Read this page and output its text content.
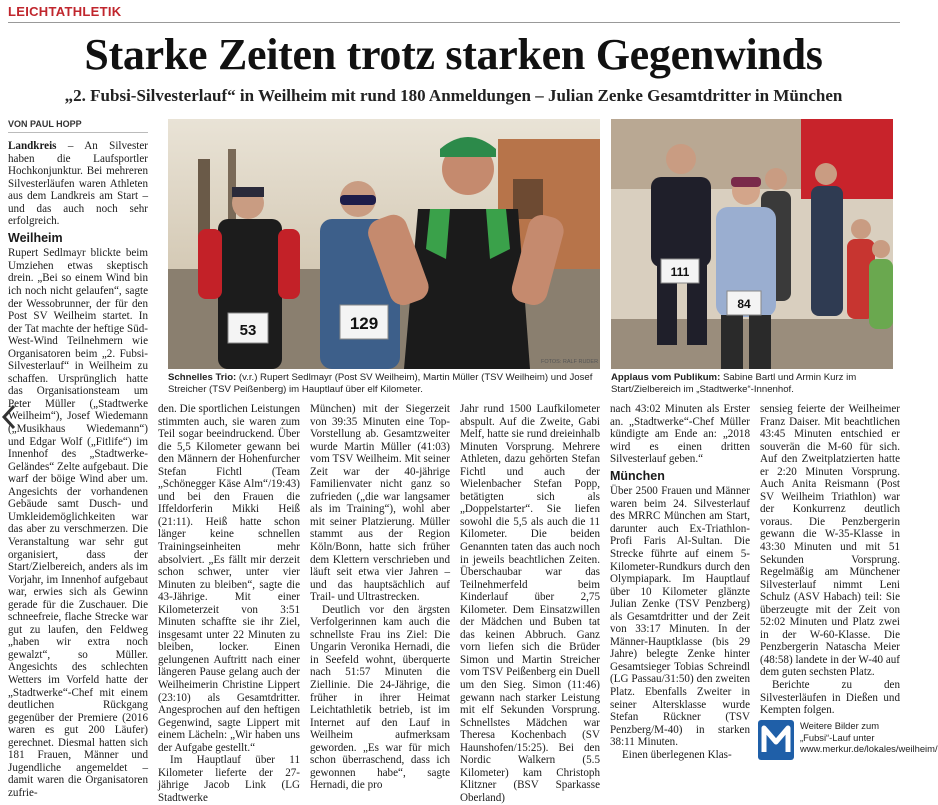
LEICHTATHLETIK
Starke Zeiten trotz starken Gegenwinds
„2. Fubsi-Silvesterlauf“ in Weilheim mit rund 180 Anmeldungen – Julian Zenke Gesamtdritter in München
VON PAUL HOPP

Landkreis – An Silvester haben die Laufsportler Hochkonjunktur. Bei mehreren Silvesterläufen waren Athleten aus dem Landkreis am Start – und das auch noch sehr erfolgreich.

Weilheim

Rupert Sedlmayr blickte beim Umziehen etwas skeptisch drein. „Bei so einem Wind bin ich noch nicht gelaufen“, sagte der Wessobrunner, der für den Post SV Weilheim startet. In der Tat machte der heftige Süd-West-Wind Teilnehmern wie Organisatoren beim „2. Fubsi-Silvesterlauf“ in Weilheim zu schaffen. Ursprünglich hatte das Organisationsteam um Peter Müller („Stadtwerke Weilheim“), Josef Wiedemann („Musikhaus Wiedemann“) und Edgar Wolf („Fitlife“) im Innenhof des „Stadtwerke-Geländes“ Zelte aufgebaut. Die warf der böige Wind aber um. Angesichts der vorhandenen Gebäude samt Dusch- und Umkleidemöglichkeiten war das aber zu verschmerzen. Die Veranstaltung war sehr gut organisiert, dass der Start/Zielbereich, anders als im Vorjahr, im Innenhof aufgebaut war, erwies sich als Gewinn gerade für die Zuschauer. Die schneefreie, flache Strecke war gut zu laufen, den Feldweg „haben wir extra noch gewalzt“, so Müller. Angesichts des schlechten Wetters im Vorfeld hatte der „Stadtwerke“-Chef mit einem deutlichen Rückgang gegenüber der Premiere (2016 waren es gut 200 Läufer) gerechnet. Diesmal hatten sich 181 Frauen, Männer und Jugendliche angemeldet – damit waren die Organisatoren zufrie-

53	129
FOTOS: RALF RUDER
Schnelles Trio: (v.r.) Rupert Sedlmayr (Post SV Weilheim), Martin Müller (TSV Weilheim) und Josef Streicher (TSV Peißenberg) im Hauptlauf über elf Kilometer.
111
84
Applaus vom Publikum: Sabine Bartl und Armin Kurz im Start/Zielbereich im „Stadtwerke“-Innenhof.

den. Die sportlichen Leistungen stimmten auch, sie waren zum Teil sogar beeindruckend. Über die 5,5 Kilometer gewann bei den Männern der Hohenfurcher Stefan Fichtl (Team „Schönegger Käse Alm“/19:43) und bei den Frauen die Iffeldorferin Mikki Heiß (21:11). Heiß hatte schon länger keine schnellen Trainingseinheiten mehr absolviert. „Es fällt mir derzeit schon schwer, unter vier Minuten zu bleiben“, sagte die 43-Jährige. Mit einer Kilometerzeit von 3:51 Minuten schaffte sie ihr Ziel, insgesamt unter 22 Minuten zu bleiben, locker. Einen gelungenen Auftritt nach einer längeren Pause gelang auch der Weilheimerin Christine Lippert (23:10) als Gesamtdritter. Angesprochen auf den heftigen Gegenwind, sagte Lippert mit einem Lächeln: „Wir haben uns der Aufgabe gestellt.“

Im Hauptlauf über 11 Kilometer lieferte der 27-jährige Jacob Link (LG Stadtwerke

München) mit der Siegerzeit von 39:35 Minuten eine Top-Vorstellung ab. Gesamtzweiter wurde Martin Müller (41:03) vom TSV Weilheim. Mit seiner Zeit war der 40-jährige Familienvater nicht ganz so zufrieden („die war langsamer als im Training“), wohl aber mit seiner Platzierung. Müller stammt aus der Region Köln/Bonn, hatte sich früher dem Klettern verschrieben und läuft seit etwa vier Jahren – und das hauptsächlich auf Trail- und Ultrastrecken.

Deutlich vor den ärgsten Verfolgerinnen kam auch die schnellste Frau ins Ziel: Die Ungarin Veronika Hernadi, die in Seefeld wohnt, überquerte nach 51:57 Minuten die Ziellinie. Die 24-Jährige, die früher in ihrer Heimat Leichtathletik betrieb, ist im Internet auf den Lauf in Weilheim aufmerksam geworden. „Es war für mich schon überraschend, dass ich gewonnen habe“, sagte Hernadi, die pro

Jahr rund 1500 Laufkilometer abspult. Auf die Zweite, Gabi Melf, hatte sie rund dreieinhalb Minuten Vorsprung. Mehrere Athleten, dazu gehörten Stefan Fichtl und auch der Wielenbacher Stefan Popp, betätigten sich als „Doppelstarter“. Sie liefen sowohl die 5,5 als auch die 11 Kilometer. Die beiden Genannten taten das auch noch in jeweils beachtlichen Zeiten. Überschaubar war das Teilnehmerfeld beim Kinderlauf über 2,75 Kilometer. Dem Einsatzwillen der Mädchen und Buben tat das keinen Abbruch. Ganz vorn liefen sich die Brüder Simon und Martin Streicher vom TSV Peißenberg ein Duell um den Sieg. Simon (11:46) gewann nach starker Leistung mit elf Sekunden Vorsprung. Schnellstes Mädchen war Theresa Kochenbach (SV Haunshofen/15:25). Bei den Nordic Walkern (5.5 Kilometer) kam Christoph Klitzner (BSV Sparkasse Oberland)

nach 43:02 Minuten als Erster an. „Stadtwerke“-Chef Müller kündigte am Ende an: „2018 wird es einen dritten Silvesterlauf geben.“

München

Über 2500 Frauen und Männer waren beim 24. Silvesterlauf des MRRC München am Start, darunter auch Ex-Triathlon-Profi Faris Al-Sultan. Die Strecke führte auf einem 5-Kilometer-Rundkurs durch den Olympiapark. Im Hauptlauf über 10 Kilometer glänzte Julian Zenke (TSV Penzberg) als Gesamtdritter und der Zeit von 33:17 Minuten. In der Männer-Hauptklasse (bis 29 Jahre) belegte Zenke hinter Gesamtsieger Tobias Schreindl (LG Passau/31:50) den zweiten Platz. Ebenfalls Zweiter in seiner Altersklasse wurde Stefan Rückner (TSV Penzberg/M-40) in starken 38:11 Minuten.

Einen überlegenen Klas-

sensieg feierte der Weilheimer Franz Daiser. Mit beachtlichen 43:45 Minuten entschied er souverän die M-60 für sich. Auf den Zweitplatzierten hatte er 2:20 Minuten Vorsprung. Auch Anita Reismann (Post SV Weilheim Triathlon) war der Konkurrenz deutlich voraus. Die Penzbergerin gewann die W-35-Klasse in 43:30 Minuten und mit 51 Sekunden Vorsprung. Regelmäßig am Münchener Silvesterlauf nimmt Leni Schulz (ASV Habach) teil: Sie überzeugte mit der Zeit von 52:02 Minuten und Platz zwei in der W-60-Klasse. Die Penzbergerin Natascha Meier (48:58) landete in der W-40 auf dem guten sechsten Platz.

Berichte zu den Silvesterläufen in Dießen und Kempten folgen.

Weitere Bilder zum
„Fubsi“-Lauf unter
www.merkur.de/lokales/weilheim/
